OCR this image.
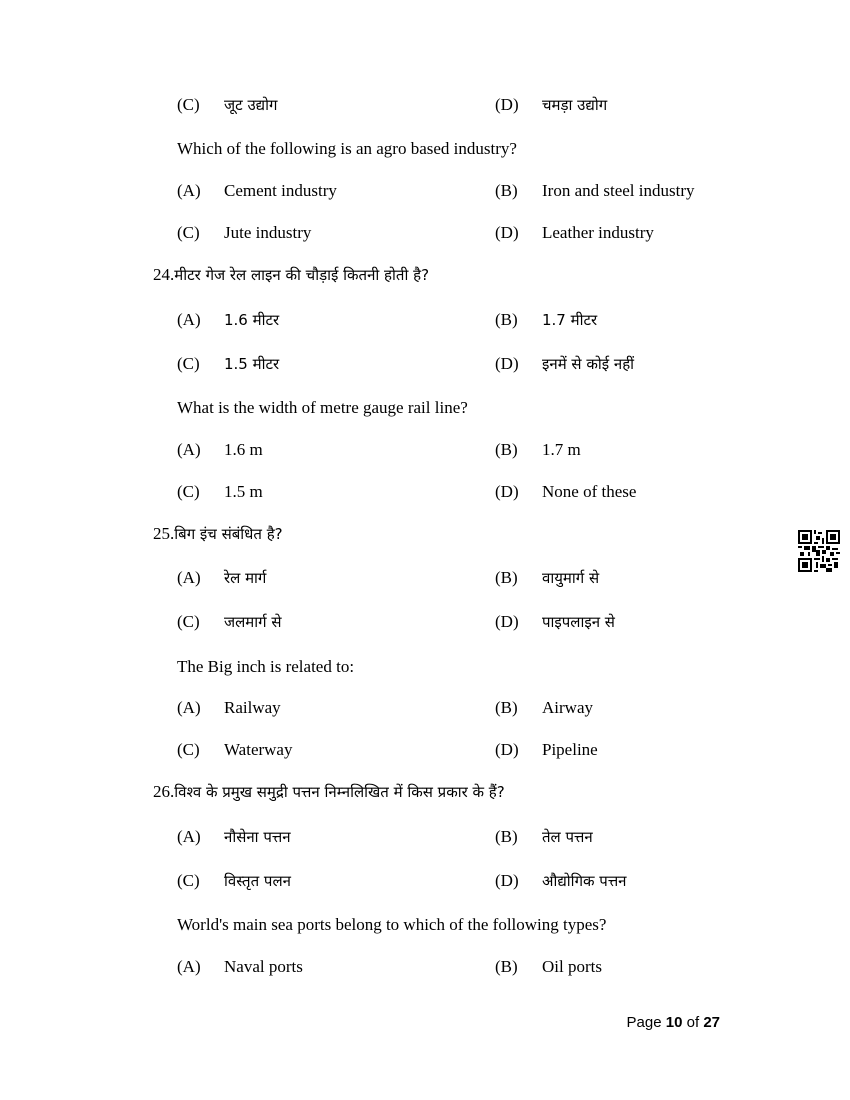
(C) जूट उद्योग	(D) चमड़ा उद्योग
Which of the following is an agro based industry?
(A) Cement industry	(B) Iron and steel industry
(C) Jute industry	(D) Leather industry
24.मीटर गेज रेल लाइन की चौड़ाई कितनी होती है?
(A) 1.6 मीटर	(B) 1.7 मीटर
(C) 1.5 मीटर	(D) इनमें से कोई नहीं
What is the width of metre gauge rail line?
(A) 1.6 m	(B) 1.7 m
(C) 1.5 m	(D) None of these
25.बिग इंच संबंधित है?
(A) रेल मार्ग	(B) वायुमार्ग से
(C) जलमार्ग से	(D) पाइपलाइन से
The Big inch is related to:
(A) Railway	(B) Airway
(C) Waterway	(D) Pipeline
26.विश्व के प्रमुख समुद्री पत्तन निम्नलिखित में किस प्रकार के हैं?
(A) नौसेना पत्तन	(B) तेल पत्तन
(C) विस्तृत पलन	(D) औद्योगिक पत्तन
World's main sea ports belong to which of the following types?
(A) Naval ports	(B) Oil ports
Page 10 of 27
